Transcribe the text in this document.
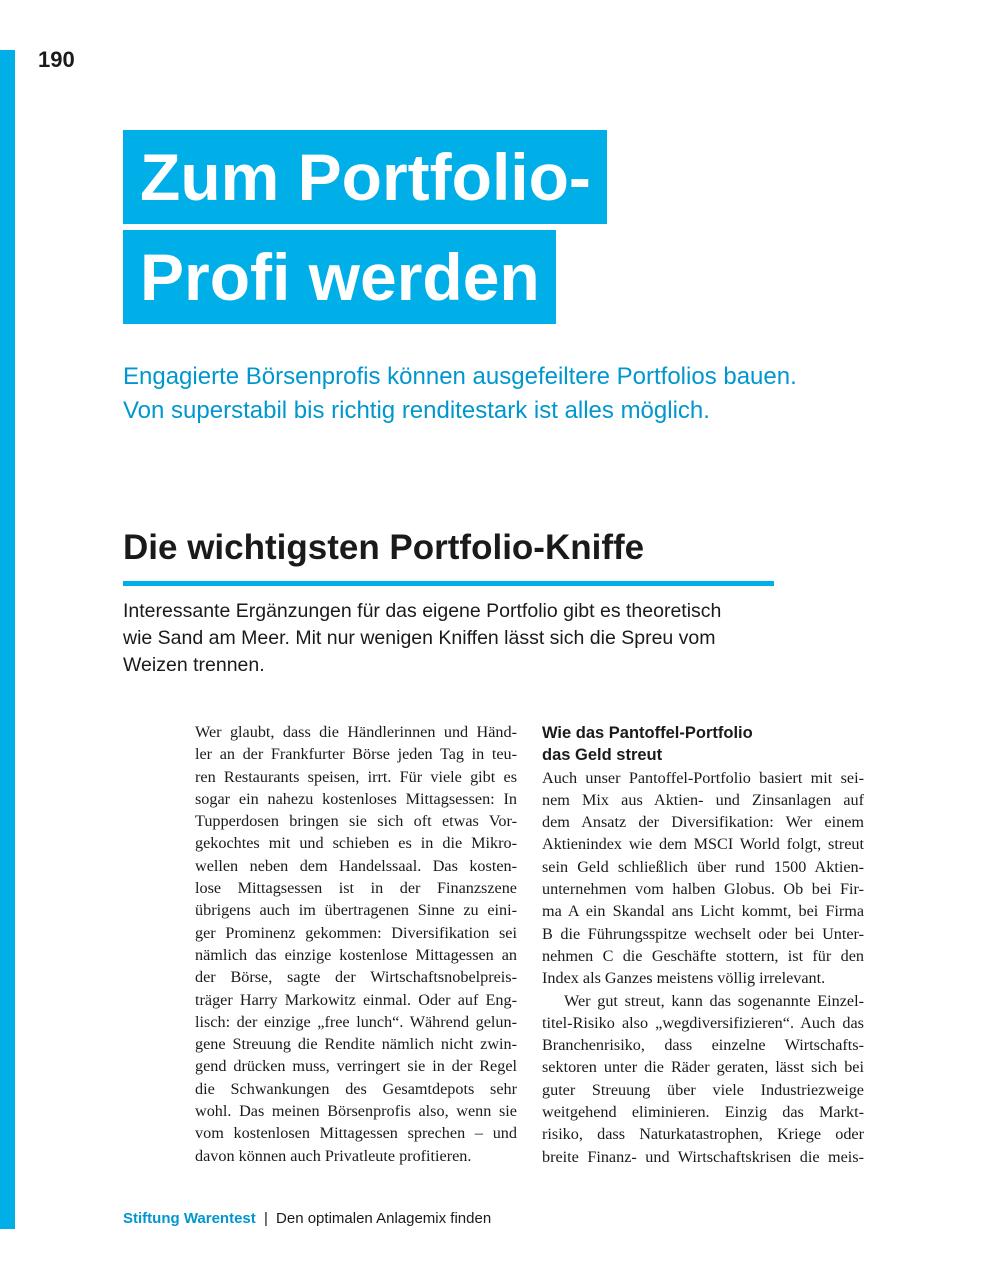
190
Zum Portfolio-
Profi werden

Engagierte Börsenprofis können ausgefeiltere Portfolios bauen.

Von superstabil bis richtig renditestark ist alles möglich.

Die wichtigsten Portfolio-Kniffe

Interessante Ergänzungen für das eigene Portfolio gibt es theoretisch

wie Sand am Meer. Mit nur wenigen Kniffen lässt sich die Spreu vom

Weizen trennen.

Wer glaubt, dass die Händlerinnen und Händ-
ler an der Frankfurter Börse jeden Tag in teu-
ren Restaurants speisen, irrt. Für viele gibt es
sogar ein nahezu kostenloses Mittagsessen: In
Tupperdosen bringen sie sich oft etwas Vor-
gekochtes mit und schieben es in die Mikro-
wellen neben dem Handelssaal. Das kosten-
lose Mittagsessen ist in der Finanzszene
übrigens auch im übertragenen Sinne zu eini-
ger Prominenz gekommen: Diversifikation sei
nämlich das einzige kostenlose Mittagessen an
der Börse, sagte der Wirtschaftsnobelpreis-
träger Harry Markowitz einmal. Oder auf Eng-
lisch: der einzige „free lunch“. Während gelun-
gene Streuung die Rendite nämlich nicht zwin-
gend drücken muss, verringert sie in der Regel
die Schwankungen des Gesamtdepots sehr
wohl. Das meinen Börsenprofis also, wenn sie
vom kostenlosen Mittagessen sprechen – und
davon können auch Privatleute profitieren.
Wie das Pantoffel-Portfolio
das Geld streut
Auch unser Pantoffel-Portfolio basiert mit sei-
nem Mix aus Aktien- und Zinsanlagen auf
dem Ansatz der Diversifikation: Wer einem
Aktienindex wie dem MSCI World folgt, streut
sein Geld schließlich über rund 1500 Aktien-
unternehmen vom halben Globus. Ob bei Fir-
ma A ein Skandal ans Licht kommt, bei Firma
B die Führungsspitze wechselt oder bei Unter-
nehmen C die Geschäfte stottern, ist für den
Index als Ganzes meistens völlig irrelevant.
Wer gut streut, kann das sogenannte Einzel-
titel-Risiko also „wegdiversifizieren“. Auch das
Branchenrisiko, dass einzelne Wirtschafts-
sektoren unter die Räder geraten, lässt sich bei
guter Streuung über viele Industriezweige
weitgehend eliminieren. Einzig das Markt-
risiko, dass Naturkatastrophen, Kriege oder
breite Finanz- und Wirtschaftskrisen die meis-
Stiftung Warentest | Den optimalen Anlagemix finden
